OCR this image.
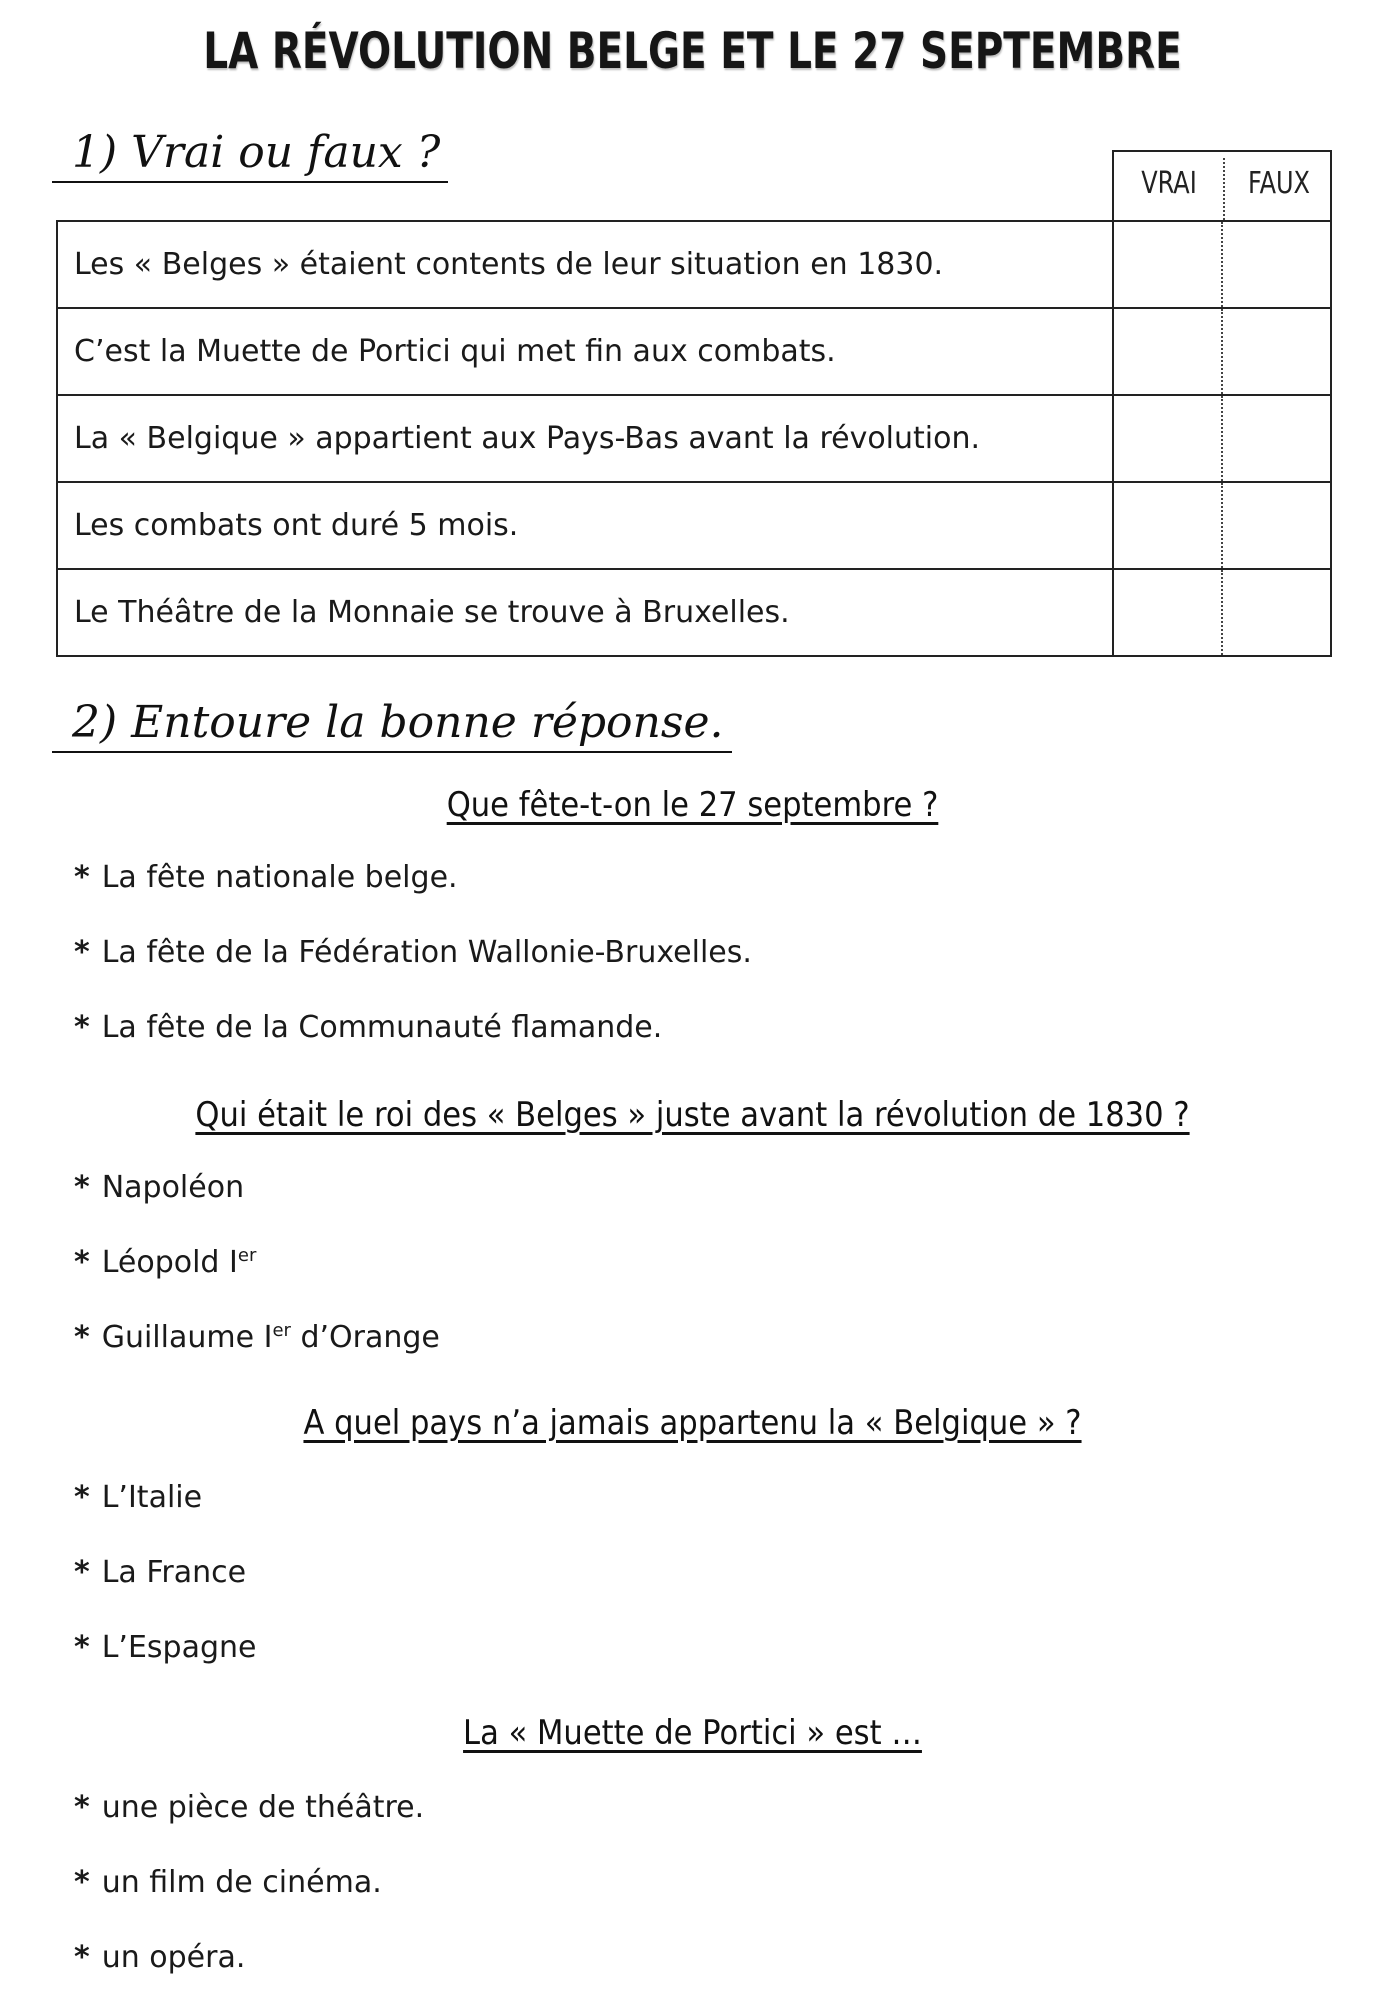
LA RÉVOLUTION BELGE ET LE 27 SEPTEMBRE
1) Vrai ou faux ?
VRAI	FAUX
Les « Belges » étaient contents de leur situation en 1830.
C’est la Muette de Portici qui met fin aux combats.
La « Belgique » appartient aux Pays-Bas avant la révolution.
Les combats ont duré 5 mois.
Le Théâtre de la Monnaie se trouve à Bruxelles.
2) Entoure la bonne réponse.
Que fête-t-on le 27 septembre ?
* La fête nationale belge.
* La fête de la Fédération Wallonie-Bruxelles.
* La fête de la Communauté flamande.
Qui était le roi des « Belges » juste avant la révolution de 1830 ?
* Napoléon
* Léopold Ier
* Guillaume Ier d’Orange
A quel pays n’a jamais appartenu la « Belgique » ?
* L’Italie
* La France
* L’Espagne
La « Muette de Portici » est …
* une pièce de théâtre.
* un film de cinéma.
* un opéra.
